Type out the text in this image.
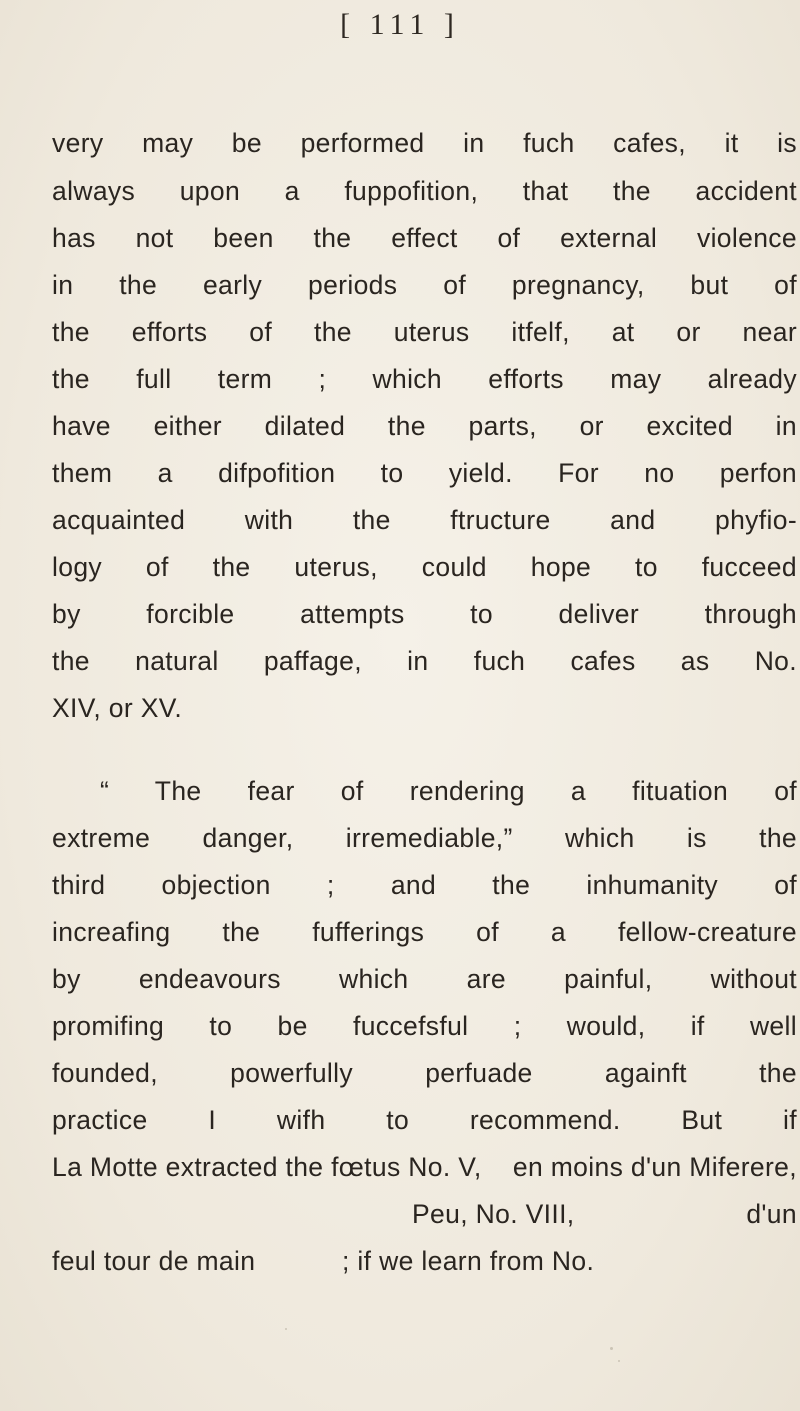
[ 111 ]
very may be performed in fuch cafes, it is
always upon a fuppofition, that the accident
has not been the effect of external violence
in the early periods of pregnancy, but of
the efforts of the uterus itfelf, at or near
the full term ; which efforts may already
have either dilated the parts, or excited in
them a difpofition to yield. For no perfon
acquainted with the ftructure and phyfio-
logy of the uterus, could hope to fucceed
by forcible attempts to deliver through
the natural paffage, in fuch cafes as No.
XIV, or XV.
“ The fear of rendering a fituation of
extreme danger, irremediable,” which is the
third objection ; and the inhumanity of
increafing the fufferings of a fellow-creature
by endeavours which are painful, without
promifing to be fuccefsful ; would, if well
founded, powerfully perfuade againft the
practice I wifh to recommend. But if
La Motte extracted the fœtus No. V,	en moins d'un Miferere,
Peu, No. VIII,	d'un
feul tour de main	; if we learn from No.
